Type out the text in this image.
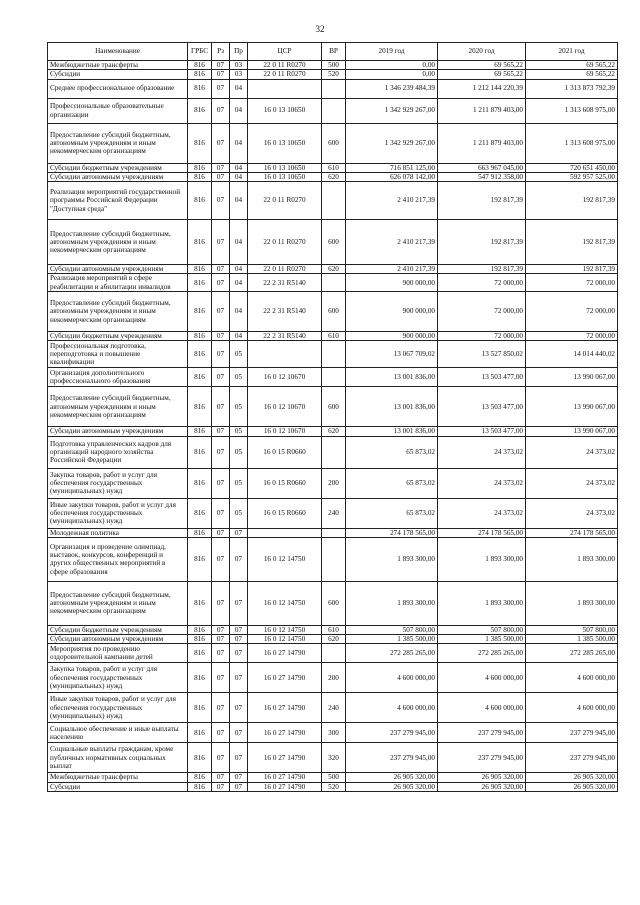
32
Наименование	ГРБС	Рз	Пр	ЦСР	ВР	2019 год	2020 год	2021 год
Межбюджетные трансферты	816	07	03	22 0 11 R0270	500	0,00	69 565,22	69 565,22
Субсидии	816	07	03	22 0 11 R0270	520	0,00	69 565,22	69 565,22
Среднее профессиональное образование	816	07	04			1 346 239 484,39	1 212 144 220,39	1 313 873 792,39
Профессиональные образовательные организации	816	07	04	16 0 13 10650		1 342 929 267,00	1 211 879 403,00	1 313 608 975,00
Предоставление субсидий бюджетным, автономным учреждениям и иным некоммерческим организациям	816	07	04	16 0 13 10650	600	1 342 929 267,00	1 211 879 403,00	1 313 608 975,00
Субсидии бюджетным учреждениям	816	07	04	16 0 13 10650	610	716 851 125,00	663 967 045,00	720 651 450,00
Субсидии автономным учреждениям	816	07	04	16 0 13 10650	620	626 078 142,00	547 912 358,00	592 957 525,00
Реализация мероприятий государственной программы Российской Федерации "Доступная среда"	816	07	04	22 0 11 R0270		2 410 217,39	192 817,39	192 817,39
Предоставление субсидий бюджетным, автономным учреждениям и иным некоммерческим организациям	816	07	04	22 0 11 R0270	600	2 410 217,39	192 817,39	192 817,39
Субсидии автономным учреждениям	816	07	04	22 0 11 R0270	620	2 410 217,39	192 817,39	192 817,39
Реализация мероприятий в сфере реабилитации и абилитации инвалидов	816	07	04	22 2 31 R5140		900 000,00	72 000,00	72 000,00
Предоставление субсидий бюджетным, автономным учреждениям и иным некоммерческим организациям	816	07	04	22 2 31 R5140	600	900 000,00	72 000,00	72 000,00
Субсидии бюджетным учреждениям	816	07	04	22 2 31 R5140	610	900 000,00	72 000,00	72 000,00
Профессиональная подготовка, переподготовка и повышение квалификации	816	07	05			13 067 709,02	13 527 850,02	14 014 440,02
Организация дополнительного профессионального образования	816	07	05	16 0 12 10670		13 001 836,00	13 503 477,00	13 990 067,00
Предоставление субсидий бюджетным, автономным учреждениям и иным некоммерческим организациям	816	07	05	16 0 12 10670	600	13 001 836,00	13 503 477,00	13 990 067,00
Субсидии автономным учреждениям	816	07	05	16 0 12 10670	620	13 001 836,00	13 503 477,00	13 990 067,00
Подготовка управленческих кадров для организаций народного хозяйства Российской Федерации	816	07	05	16 0 15 R0660		65 873,02	24 373,02	24 373,02
Закупка товаров, работ и услуг для обеспечения государственных (муниципальных) нужд	816	07	05	16 0 15 R0660	200	65 873,02	24 373,02	24 373,02
Иные закупки товаров, работ и услуг для обеспечения государственных (муниципальных) нужд	816	07	05	16 0 15 R0660	240	65 873,02	24 373,02	24 373,02
Молодежная политика	816	07	07			274 178 565,00	274 178 565,00	274 178 565,00
Организация и проведение олимпиад, выставок, конкурсов, конференций и других общественных мероприятий в сфере образования	816	07	07	16 0 12 14750		1 893 300,00	1 893 300,00	1 893 300,00
Предоставление субсидий бюджетным, автономным учреждениям и иным некоммерческим организациям	816	07	07	16 0 12 14750	600	1 893 300,00	1 893 300,00	1 893 300,00
Субсидии бюджетным учреждениям	816	07	07	16 0 12 14750	610	507 800,00	507 800,00	507 800,00
Субсидии автономным учреждениям	816	07	07	16 0 12 14750	620	1 385 500,00	1 385 500,00	1 385 500,00
Мероприятия по проведению оздоровительной кампании детей	816	07	07	16 0 27 14790		272 285 265,00	272 285 265,00	272 285 265,00
Закупка товаров, работ и услуг для обеспечения государственных (муниципальных) нужд	816	07	07	16 0 27 14790	200	4 600 000,00	4 600 000,00	4 600 000,00
Иные закупки товаров, работ и услуг для обеспечения государственных (муниципальных) нужд	816	07	07	16 0 27 14790	240	4 600 000,00	4 600 000,00	4 600 000,00
Социальное обеспечение и иные выплаты населению	816	07	07	16 0 27 14790	300	237 279 945,00	237 279 945,00	237 279 945,00
Социальные выплаты гражданам, кроме публичных нормативных социальных выплат	816	07	07	16 0 27 14790	320	237 279 945,00	237 279 945,00	237 279 945,00
Межбюджетные трансферты	816	07	07	16 0 27 14790	500	26 905 320,00	26 905 320,00	26 905 320,00
Субсидии	816	07	07	16 0 27 14790	520	26 905 320,00	26 905 320,00	26 905 320,00
